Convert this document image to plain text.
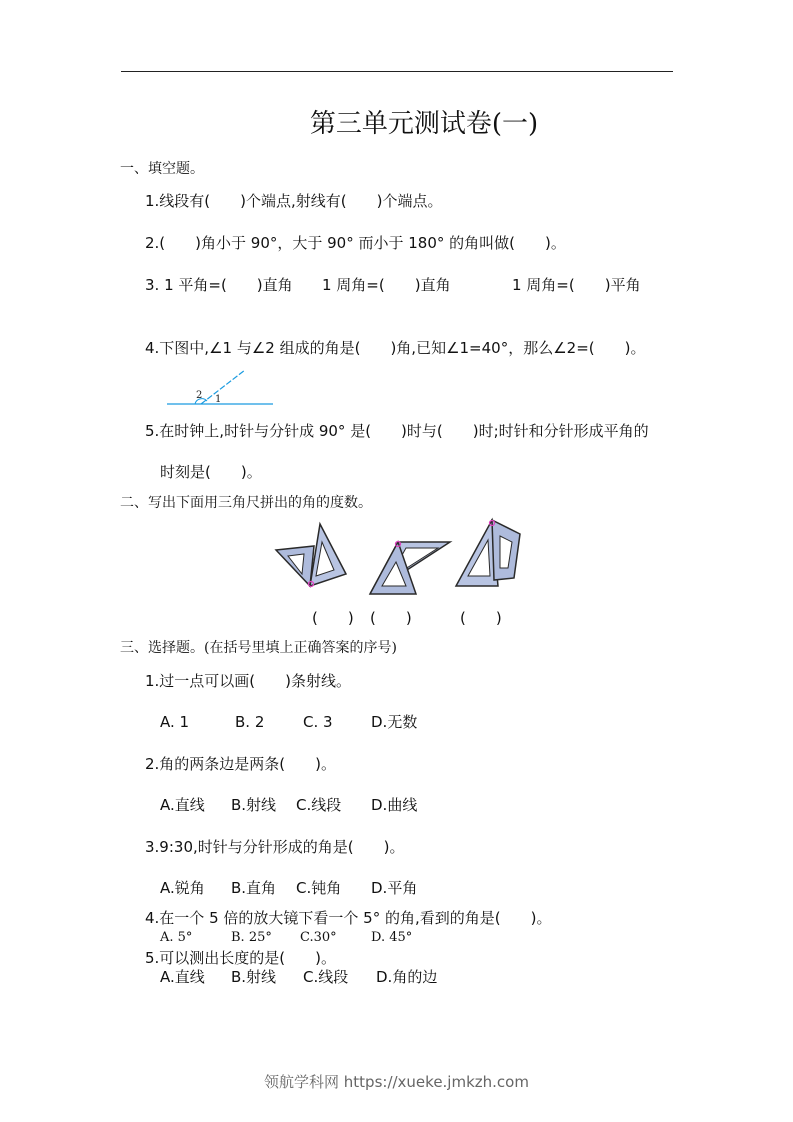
第三单元测试卷(一)
一、填空题。
1.线段有(　　)个端点,射线有(　　)个端点。
2.(　　)角小于 90°，大于 90° 而小于 180° 的角叫做(　　)。
3. 1 平角=(　　)直角 1 周角=(　　)直角	1 周角=(　　)平角
4.下图中,∠1 与∠2 组成的角是(　　)角,已知∠1=40°，那么∠2=(　　)。
2 1
5.在时钟上,时针与分针成 90° 是(　　)时与(　　)时;时针和分针形成平角的
时刻是(　　)。
二、写出下面用三角尺拼出的角的度数。
(　　) (　　)	(　　)
三、选择题。(在括号里填上正确答案的序号)
1.过一点可以画(　　)条射线。
A. 1	B. 2	C. 3	D.无数
2.角的两条边是两条(　　)。
A.直线 B.射线 C.线段 D.曲线
3.9:30,时针与分针形成的角是(　　)。
A.锐角 B.直角 C.钝角 D.平角
4.在一个 5 倍的放大镜下看一个 5° 的角,看到的角是(　　)。
A. 5°	B. 25° C.30°	D. 45°
5.可以测出长度的是(　　)。
A.直线 B.射线 C.线段 D.角的边
领航学科网 https://xueke.jmkzh.com
